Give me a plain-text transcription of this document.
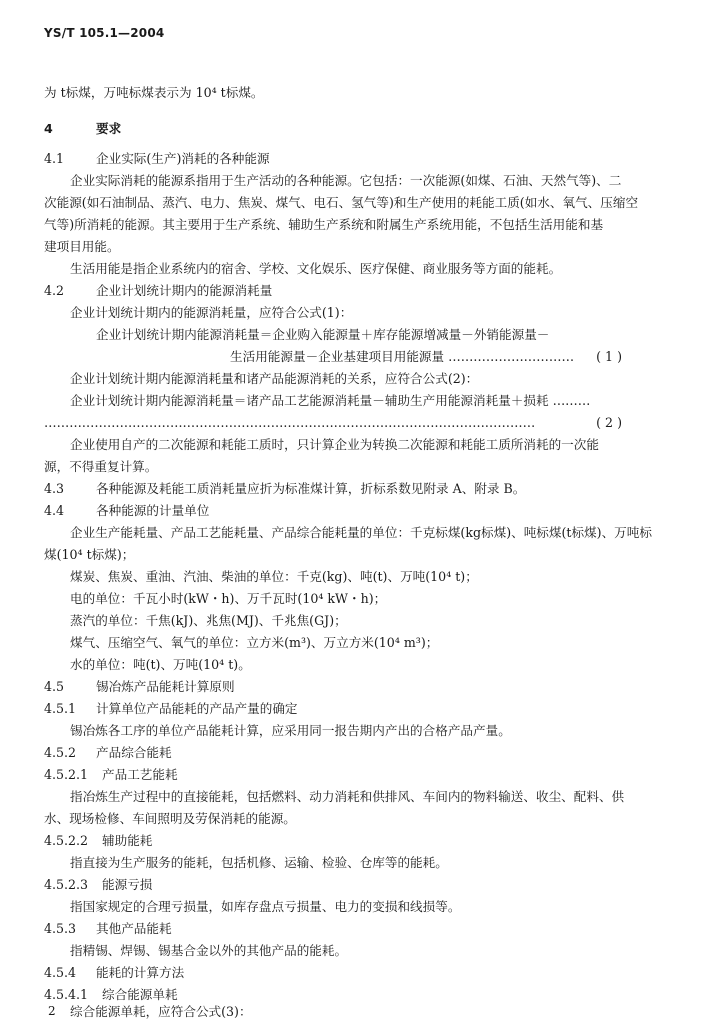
YS/T 105.1—2004
为 t标煤，万吨标煤表示为 10⁴ t标煤。
4	要求
4.1	企业实际(生产)消耗的各种能源
企业实际消耗的能源系指用于生产活动的各种能源。它包括：一次能源(如煤、石油、天然气等)、二
次能源(如石油制品、蒸汽、电力、焦炭、煤气、电石、氢气等)和生产使用的耗能工质(如水、氧气、压缩空
气等)所消耗的能源。其主要用于生产系统、辅助生产系统和附属生产系统用能，不包括生活用能和基
建项目用能。
生活用能是指企业系统内的宿舍、学校、文化娱乐、医疗保健、商业服务等方面的能耗。
4.2	企业计划统计期内的能源消耗量
企业计划统计期内的能源消耗量，应符合公式(1)：
企业计划统计期内能源消耗量＝企业购入能源量＋库存能源增减量－外销能源量－
生活用能源量－企业基建项目用能源量 ………………………… ( 1 )
企业计划统计期内能源消耗量和诸产品能源消耗的关系，应符合公式(2)：
企业计划统计期内能源消耗量＝诸产品工艺能源消耗量－辅助生产用能源消耗量＋损耗 ………
………………………………………………………………………………………………………	( 2 )
企业使用自产的二次能源和耗能工质时，只计算企业为转换二次能源和耗能工质所消耗的一次能
源，不得重复计算。
4.3	各种能源及耗能工质消耗量应折为标准煤计算，折标系数见附录 A、附录 B。
4.4	各种能源的计量单位
企业生产能耗量、产品工艺能耗量、产品综合能耗量的单位：千克标煤(kg标煤)、吨标煤(t标煤)、万吨标
煤(10⁴ t标煤)；
煤炭、焦炭、重油、汽油、柴油的单位：千克(kg)、吨(t)、万吨(10⁴ t)；
电的单位：千瓦小时(kW・h)、万千瓦时(10⁴ kW・h)；
蒸汽的单位：千焦(kJ)、兆焦(MJ)、千兆焦(GJ)；
煤气、压缩空气、氧气的单位：立方米(m³)、万立方米(10⁴ m³)；
水的单位：吨(t)、万吨(10⁴ t)。
4.5	锡冶炼产品能耗计算原则
4.5.1 计算单位产品能耗的产品产量的确定
锡冶炼各工序的单位产品能耗计算，应采用同一报告期内产出的合格产品产量。
4.5.2 产品综合能耗
4.5.2.1 产品工艺能耗
指冶炼生产过程中的直接能耗，包括燃料、动力消耗和供排风、车间内的物料输送、收尘、配料、供
水、现场检修、车间照明及劳保消耗的能源。
4.5.2.2 辅助能耗
指直接为生产服务的能耗，包括机修、运输、检验、仓库等的能耗。
4.5.2.3 能源亏损
指国家规定的合理亏损量，如库存盘点亏损量、电力的变损和线损等。
4.5.3 其他产品能耗
指精锡、焊锡、锡基合金以外的其他产品的能耗。
4.5.4 能耗的计算方法
4.5.4.1 综合能源单耗
综合能源单耗，应符合公式(3)：
2
